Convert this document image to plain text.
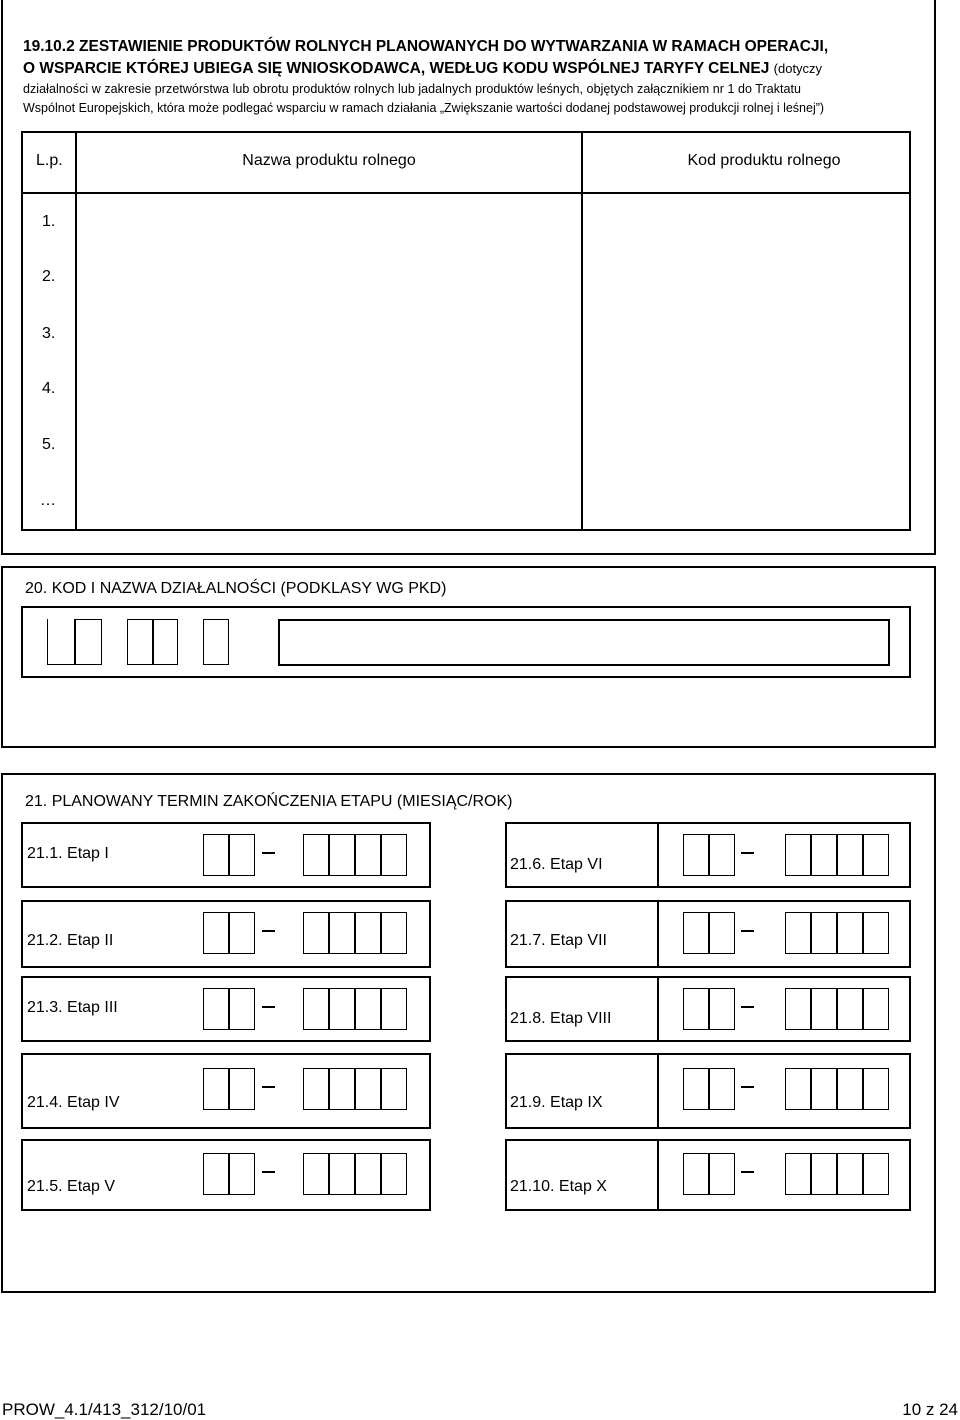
19.10.2 ZESTAWIENIE PRODUKTÓW ROLNYCH PLANOWANYCH DO WYTWARZANIA W RAMACH OPERACJI,
O WSPARCIE KTÓREJ UBIEGA SIĘ WNIOSKODAWCA, WEDŁUG KODU WSPÓLNEJ TARYFY CELNEJ (dotyczy
działalności w zakresie przetwórstwa lub obrotu produktów rolnych lub jadalnych produktów leśnych, objętych załącznikiem nr 1 do Traktatu
Wspólnot Europejskich, która może podlegać wsparciu w ramach działania „Zwiększanie wartości dodanej podstawowej produkcji rolnej i leśnej”)
L.p.	Nazwa produktu rolnego	Kod produktu rolnego
1.
2.
3.
4.
5.
…
20. KOD I NAZWA DZIAŁALNOŚCI (PODKLASY WG PKD)
21. PLANOWANY TERMIN ZAKOŃCZENIA ETAPU (MIESIĄC/ROK)
21.1. Etap I
21.2. Etap II
21.3. Etap III
21.4. Etap IV
21.5. Etap V
21.6. Etap VI
21.7. Etap VII
21.8. Etap VIII
21.9. Etap IX
21.10. Etap X
PROW_4.1/413_312/10/01	10 z 24
